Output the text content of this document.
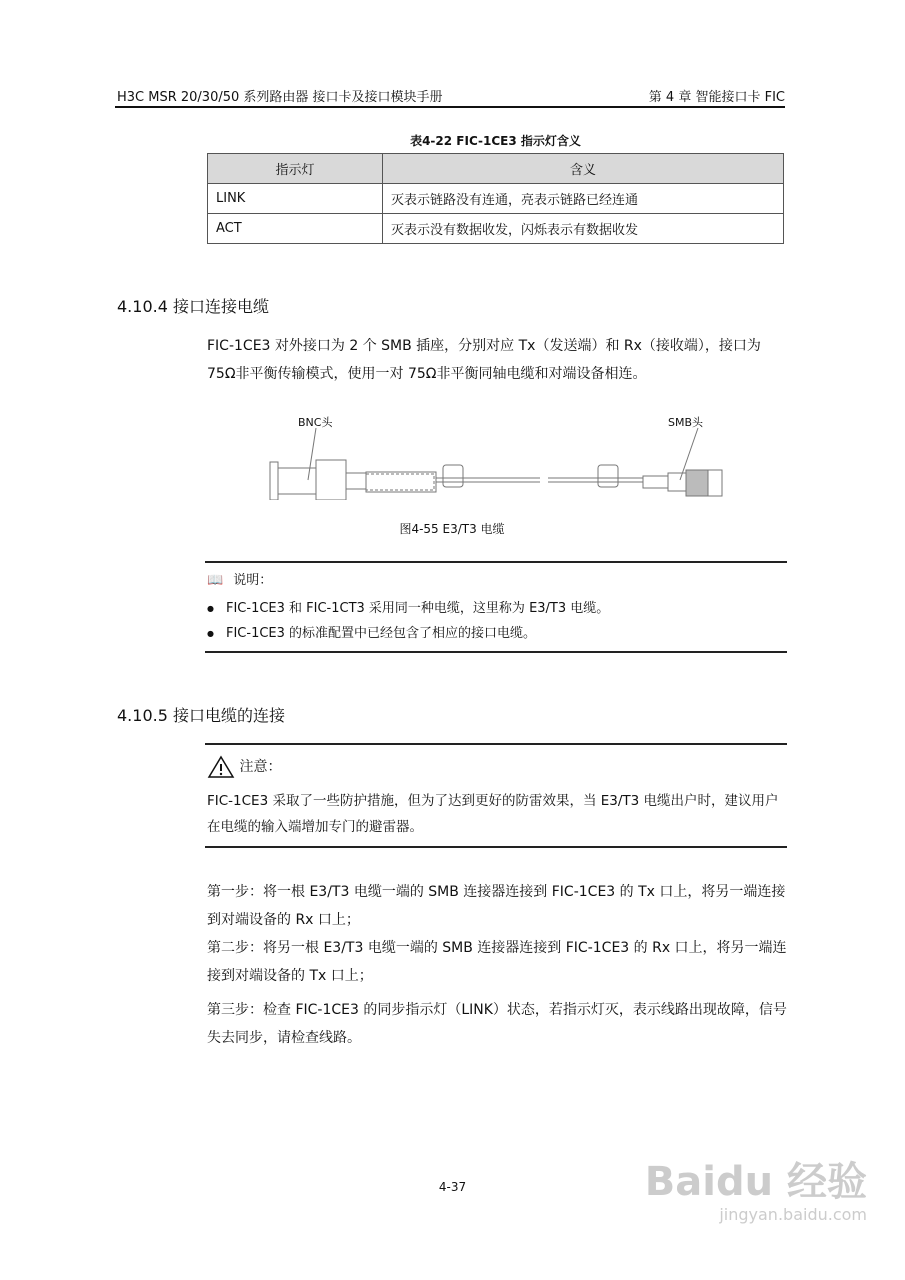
H3C MSR 20/30/50 系列路由器 接口卡及接口模块手册	第 4 章 智能接口卡 FIC
表4-22 FIC-1CE3 指示灯含义
指示灯	含义
LINK	灭表示链路没有连通，亮表示链路已经连通
ACT	灭表示没有数据收发，闪烁表示有数据收发
4.10.4 接口连接电缆
FIC-1CE3 对外接口为 2 个 SMB 插座，分别对应 Tx（发送端）和 Rx（接收端），接口为 75Ω非平衡传输模式，使用一对 75Ω非平衡同轴电缆和对端设备相连。
BNC头	SMB头
图4-55 E3/T3 电缆
📖 说明：
● FIC-1CE3 和 FIC-1CT3 采用同一种电缆，这里称为 E3/T3 电缆。
● FIC-1CE3 的标准配置中已经包含了相应的接口电缆。
4.10.5 接口电缆的连接
注意：
FIC-1CE3 采取了一些防护措施，但为了达到更好的防雷效果，当 E3/T3 电缆出户时，建议用户在电缆的输入端增加专门的避雷器。
第一步：将一根 E3/T3 电缆一端的 SMB 连接器连接到 FIC-1CE3 的 Tx 口上，将另一端连接到对端设备的 Rx 口上；
第二步：将另一根 E3/T3 电缆一端的 SMB 连接器连接到 FIC-1CE3 的 Rx 口上，将另一端连接到对端设备的 Tx 口上；
第三步：检查 FIC-1CE3 的同步指示灯（LINK）状态，若指示灯灭，表示线路出现故障，信号失去同步，请检查线路。
4-37	Baidu 经验
jingyan.baidu.com
